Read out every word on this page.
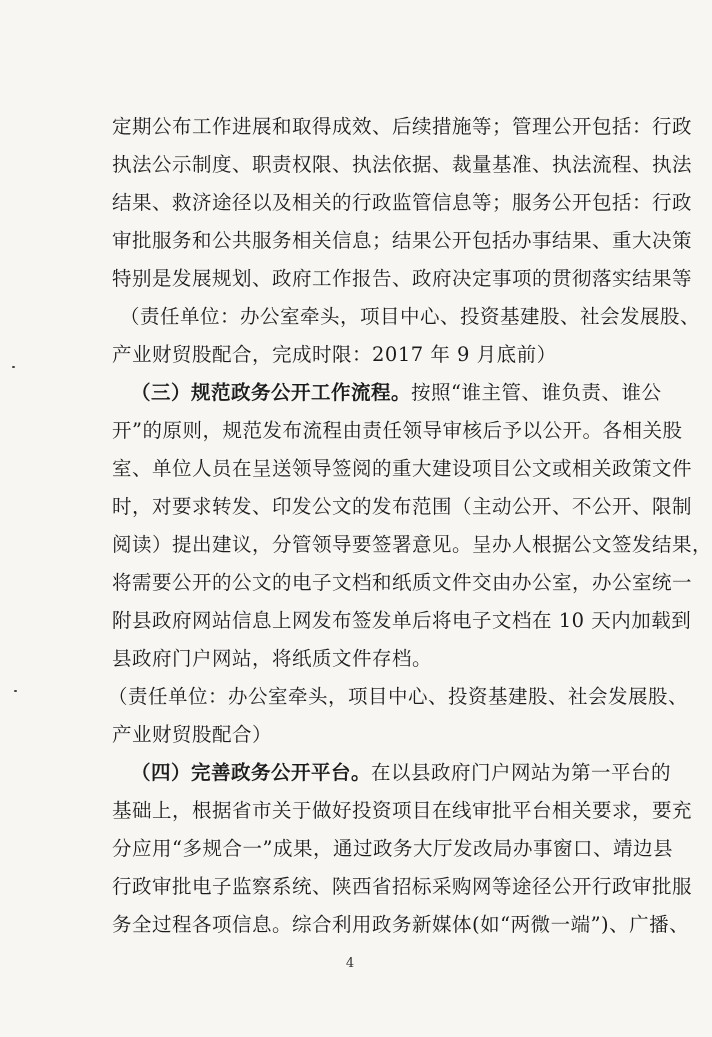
定期公布工作进展和取得成效、后续措施等；管理公开包括：行政
执法公示制度、职责权限、执法依据、裁量基准、执法流程、执法
结果、救济途径以及相关的行政监管信息等；服务公开包括：行政
审批服务和公共服务相关信息；结果公开包括办事结果、重大决策
特别是发展规划、政府工作报告、政府决定事项的贯彻落实结果等
（责任单位：办公室牵头，项目中心、投资基建股、社会发展股、
产业财贸股配合，完成时限：2017 年 9 月底前）
（三）规范政务公开工作流程。按照“谁主管、谁负责、谁公
开”的原则，规范发布流程由责任领导审核后予以公开。各相关股
室、单位人员在呈送领导签阅的重大建设项目公文或相关政策文件
时，对要求转发、印发公文的发布范围（主动公开、不公开、限制
阅读）提出建议，分管领导要签署意见。呈办人根据公文签发结果，
将需要公开的公文的电子文档和纸质文件交由办公室，办公室统一
附县政府网站信息上网发布签发单后将电子文档在 10 天内加载到
县政府门户网站，将纸质文件存档。
（责任单位：办公室牵头，项目中心、投资基建股、社会发展股、
产业财贸股配合）
（四）完善政务公开平台。在以县政府门户网站为第一平台的
基础上，根据省市关于做好投资项目在线审批平台相关要求，要充
分应用“多规合一”成果，通过政务大厅发改局办事窗口、靖边县
行政审批电子监察系统、陕西省招标采购网等途径公开行政审批服
务全过程各项信息。综合利用政务新媒体(如“两微一端”)、广播、
4
